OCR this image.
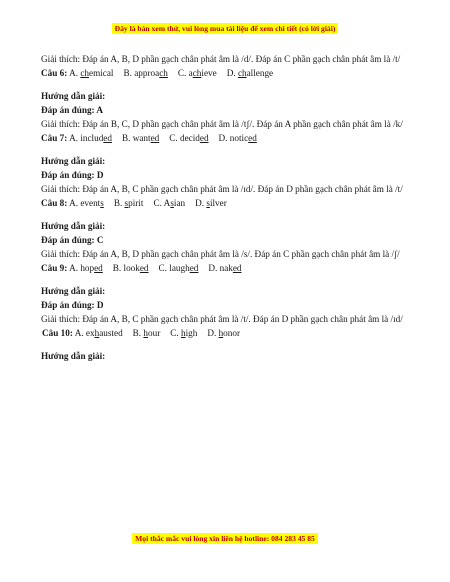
Đây là bản xem thử, vui lòng mua tài liệu để xem chi tiết (có lời giải)
Giải thích: Đáp án A, B, D phần gạch chân phát âm là /d/. Đáp án C phần gạch chân phát âm là /t/
Câu 6: A. chemical B. approach C. achieve D. challenge
Hướng dẫn giải:
Đáp án đúng: A
Giải thích: Đáp án B, C, D phần gạch chân phát âm là /tʃ/. Đáp án A phần gạch chân phát âm là /k/
Câu 7: A. included B. wanted C. decided D. noticed
Hướng dẫn giải:
Đáp án đúng: D
Giải thích: Đáp án A, B, C phần gạch chân phát âm là /ɪd/. Đáp án D phần gạch chân phát âm là /t/
Câu 8: A. events B. spirit C. Asian D. silver
Hướng dẫn giải:
Đáp án đúng: C
Giải thích: Đáp án A, B, D phần gạch chân phát âm là /s/. Đáp án C phần gạch chân phát âm là /ʃ/
Câu 9: A. hoped B. looked C. laughed D. naked
Hướng dẫn giải:
Đáp án đúng: D
Giải thích: Đáp án A, B, C phần gạch chân phát âm là /t/. Đáp án D phần gạch chân phát âm là /ɪd/
Câu 10: A. exhausted B. hour C. high D. honor
Hướng dẫn giải:
Mọi thắc mắc vui lòng xin liên hệ hotline: 084 283 45 85
